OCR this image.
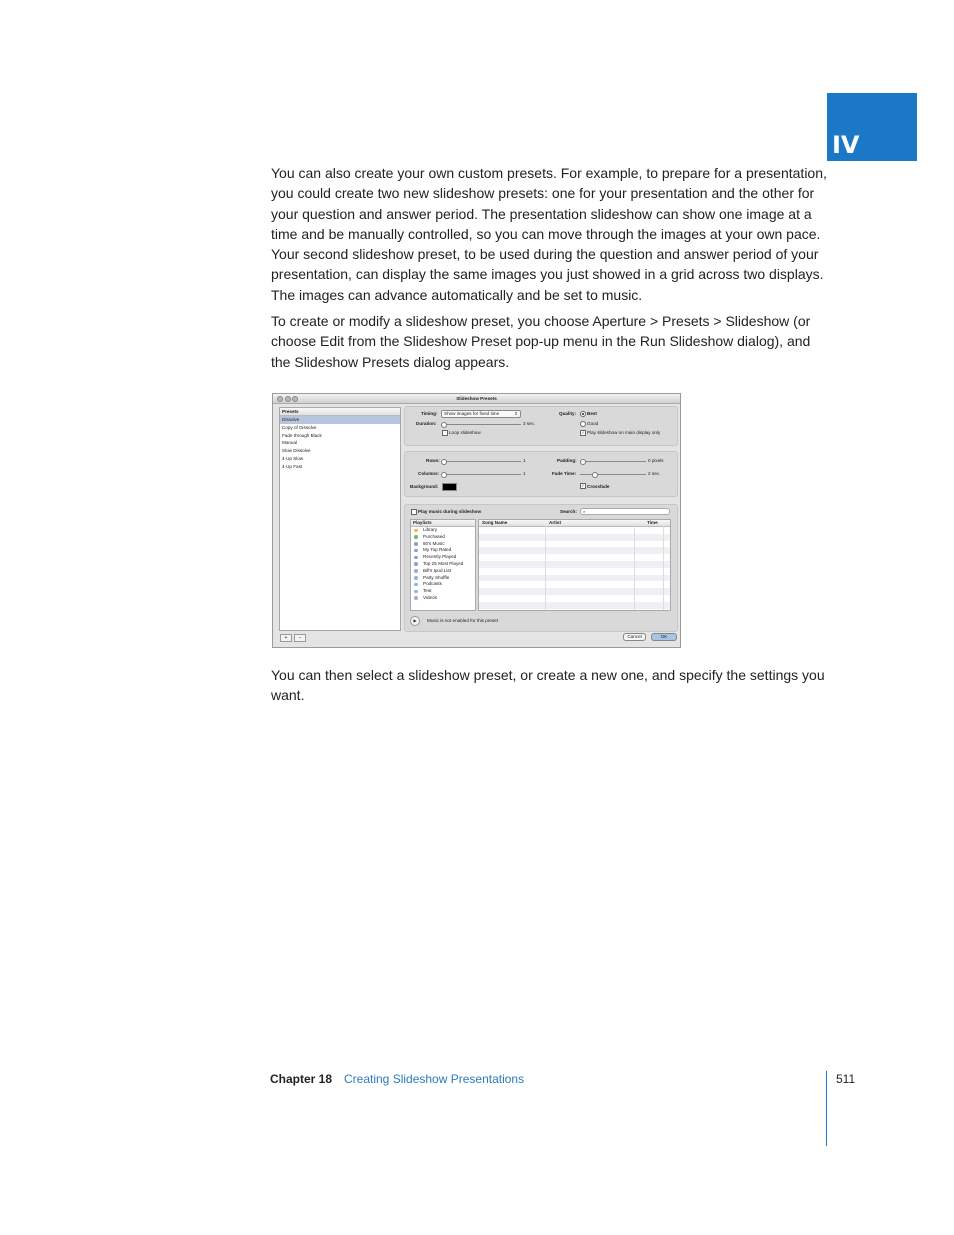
IV

You can also create your own custom presets. For example, to prepare for a presentation, you could create two new slideshow presets: one for your presentation and the other for your question and answer period. The presentation slideshow can show one image at a time and be manually controlled, so you can move through the images at your own pace. Your second slideshow preset, to be used during the question and answer period of your presentation, can display the same images you just showed in a grid across two displays. The images can advance automatically and be set to music.

To create or modify a slideshow preset, you choose Aperture > Presets > Slideshow (or choose Edit from the Slideshow Preset pop-up menu in the Run Slideshow dialog), and the Slideshow Presets dialog appears.

Slideshow Presets
Presets
Dissolve
Copy of Dissolve
Fade through Black
Manual
Slow Dissolve
4-Up Slow
4-Up Fast
+	−
Timing:	Show images for fixed time	⇕
Duration:	3 sec.
Loop slideshow
Quality: Best
Good
✓ Play slideshow on main display only
Rows:	1
Columns:	1
Background:
Padding:	0 pixels
Fade Time:	2 sec.
✓ Crossfade
Play music during slideshow	Search: ⌕
Playlists
Library
Purchased
60's Music
My Top Rated
Recently Played
Top 25 Most Played
Bill's Ipod List
Party Shuffle
Podcasts
Test
Videos
Song Name	Artist	Time
▶	Music is not enabled for this preset
Cancel	OK

You can then select a slideshow preset, or create a new one, and specify the settings you want.

Chapter 18 Creating Slideshow Presentations	511
